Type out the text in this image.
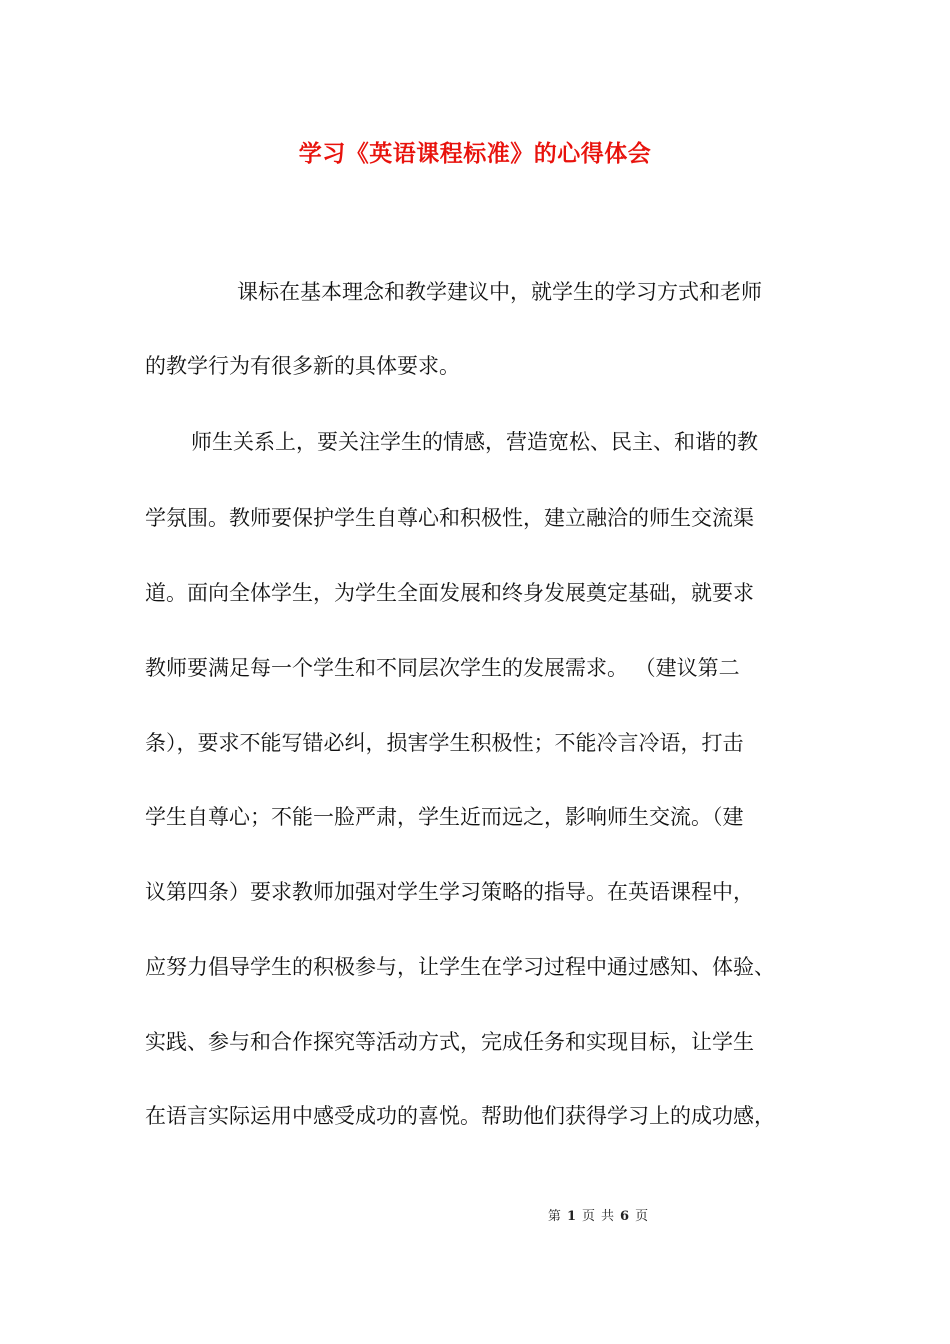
学习《英语课程标准》的心得体会

课标在基本理念和教学建议中，就学生的学习方式和老师

的教学行为有很多新的具体要求。

师生关系上，要关注学生的情感，营造宽松、民主、和谐的教

学氛围。教师要保护学生自尊心和积极性，建立融洽的师生交流渠

道。面向全体学生，为学生全面发展和终身发展奠定基础，就要求

教师要满足每一个学生和不同层次学生的发展需求。 （建议第二

条），要求不能写错必纠，损害学生积极性；不能冷言冷语，打击

学生自尊心；不能一脸严肃，学生近而远之，影响师生交流。（建

议第四条）要求教师加强对学生学习策略的指导。在英语课程中，

应努力倡导学生的积极参与，让学生在学习过程中通过感知、体验、

实践、参与和合作探究等活动方式，完成任务和实现目标，让学生

在语言实际运用中感受成功的喜悦。帮助他们获得学习上的成功感，

第 1 页 共 6 页
